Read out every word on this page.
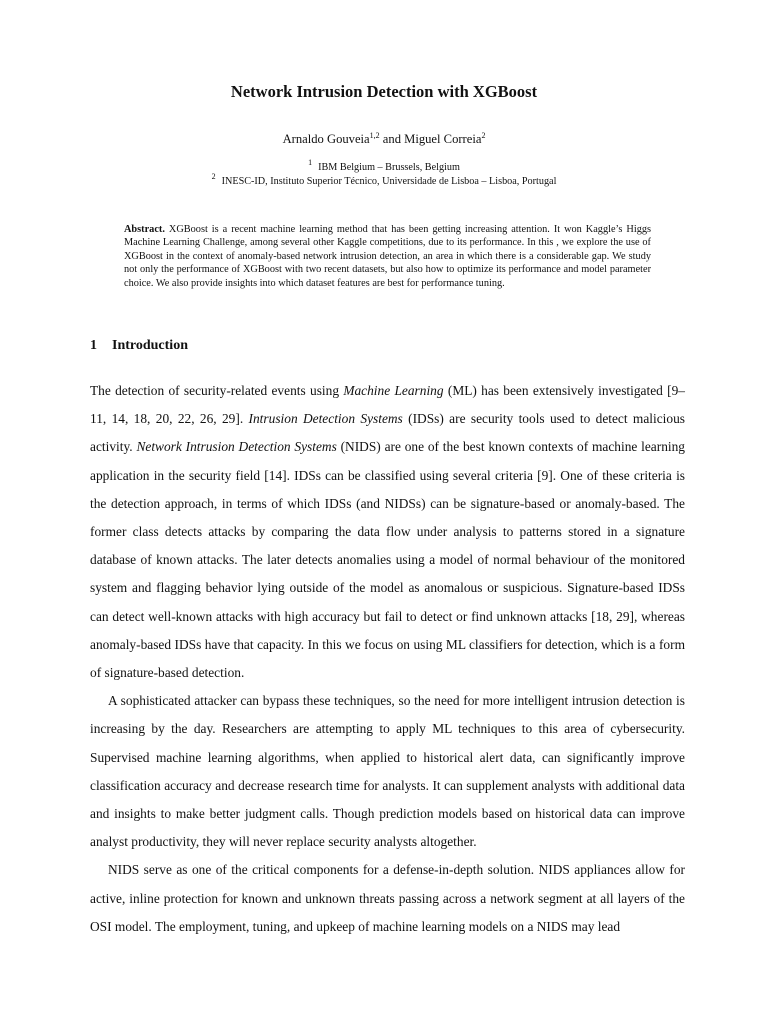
Network Intrusion Detection with XGBoost
Arnaldo Gouveia$^{1,2}$ and Miguel Correia$^2$
$^1$ IBM Belgium – Brussels, Belgium
$^2$ INESC-ID, Instituto Superior Técnico, Universidade de Lisboa – Lisboa, Portugal
Abstract. XGBoost is a recent machine learning method that has been getting increasing attention. It won Kaggle’s Higgs Machine Learning Challenge, among several other Kaggle competitions, due to its performance. In this , we explore the use of XGBoost in the context of anomaly-based network intrusion detection, an area in which there is a considerable gap. We study not only the performance of XGBoost with two recent datasets, but also how to optimize its performance and model parameter choice. We also provide insights into which dataset features are best for performance tuning.
1 Introduction

The detection of security-related events using Machine Learning (ML) has been extensively investigated [9–11, 14, 18, 20, 22, 26, 29]. Intrusion Detection Systems (IDSs) are security tools used to detect malicious activity. Network Intrusion Detection Systems (NIDS) are one of the best known contexts of machine learning application in the security field [14]. IDSs can be classified using several criteria [9]. One of these criteria is the detection approach, in terms of which IDSs (and NIDSs) can be signature-based or anomaly-based. The former class detects attacks by comparing the data flow under analysis to patterns stored in a signature database of known attacks. The later detects anomalies using a model of normal behaviour of the monitored system and flagging behavior lying outside of the model as anomalous or suspicious. Signature-based IDSs can detect well-known attacks with high accuracy but fail to detect or find unknown attacks [18, 29], whereas anomaly-based IDSs have that capacity. In this we focus on using ML classifiers for detection, which is a form of signature-based detection.

A sophisticated attacker can bypass these techniques, so the need for more intelligent intrusion detection is increasing by the day. Researchers are attempting to apply ML techniques to this area of cybersecurity. Supervised machine learning algorithms, when applied to historical alert data, can significantly improve classification accuracy and decrease research time for analysts. It can supplement analysts with additional data and insights to make better judgment calls. Though prediction models based on historical data can improve analyst productivity, they will never replace security analysts altogether.

NIDS serve as one of the critical components for a defense-in-depth solution. NIDS appliances allow for active, inline protection for known and unknown threats passing across a network segment at all layers of the OSI model. The employment, tuning, and upkeep of machine learning models on a NIDS may lead
